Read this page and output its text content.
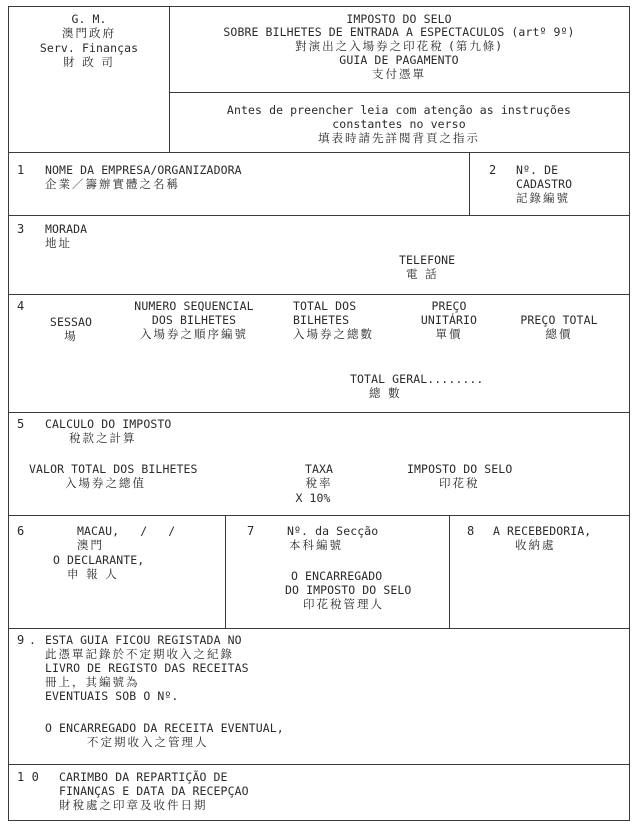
G. M.
澳門政府
Serv. Finanças
財 政 司
IMPOSTO DO SELO
SOBRE BILHETES DE ENTRADA A ESPECTACULOS (artº 9º)
對演出之入場券之印花稅 (第九條)
GUIA DE PAGAMENTO
支付憑單
Antes de preencher leia com atenção as instruções
constantes no verso
填表時請先詳閱背頁之指示
1 NOME DA EMPRESA/ORGANIZADORA
企業／籌辦實體之名稱
2 Nº. DE
CADASTRO
記錄編號
3 MORADA
地址
TELEFONE
電 話
4
SESSAO
場
NUMERO SEQUENCIAL
DOS BILHETES
入場券之順序編號
TOTAL DOS
BILHETES
入場券之總數
PREÇO
UNITÁRIO
單價
PREÇO TOTAL
總價
TOTAL GERAL........
總 數
5 CALCULO DO IMPOSTO
稅款之計算
VALOR TOTAL DOS BILHETES
入場券之總值
TAXA
稅率
X 10%
IMPOSTO DO SELO
印花稅
6	MACAU,   /   /
澳門
O DECLARANTE,
申 報 人
7	Nº. da Secção
本科編號
O ENCARREGADO
DO IMPOSTO DO SELO
印花稅管理人
8 A RECEBEDORIA,
收納處
9 . ESTA GUIA FICOU REGISTADA NO
此憑單記錄於不定期收入之紀錄
LIVRO DE REGISTO DAS RECEITAS
冊上，其編號為
EVENTUAIS SOB O Nº.
O ENCARREGADO DA RECEITA EVENTUAL,
不定期收入之管理人
1 0 CARIMBO DA REPARTIÇÃO DE
FINANÇAS E DATA DA RECEPÇAO
財稅處之印章及收件日期
